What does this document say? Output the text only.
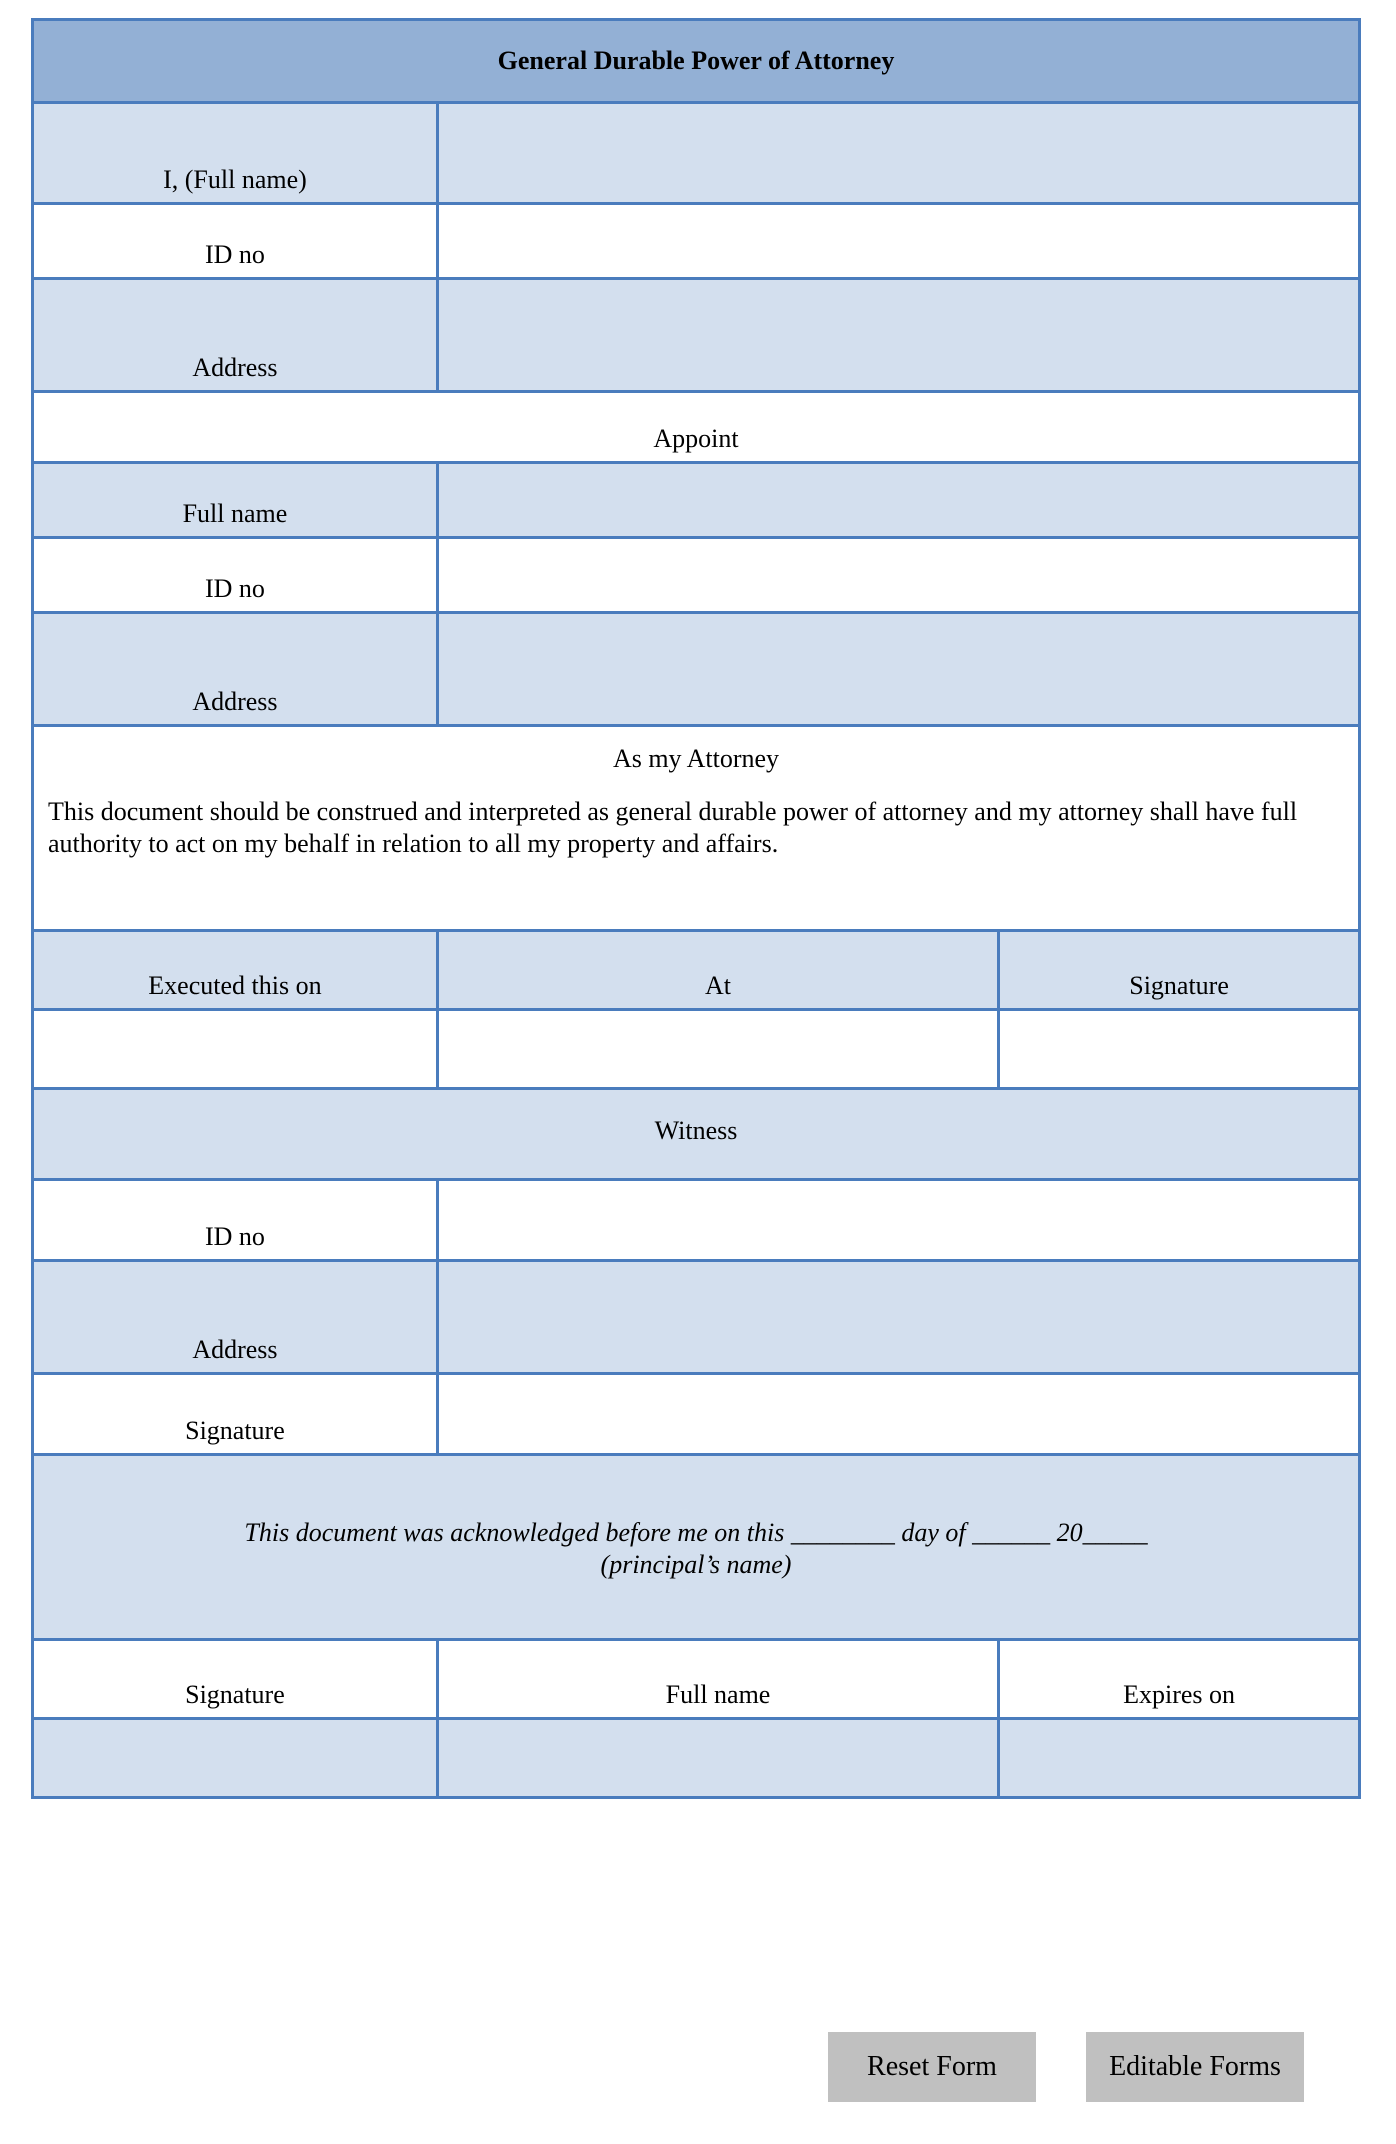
General Durable Power of Attorney		
I, (Full name)		
ID no		
Address		
Appoint		
Full name		
ID no		
Address		

As my Attorney
This document should be construed and interpreted as general durable power of attorney and my attorney shall have full authority to act on my behalf in relation to all my property and affairs.		
Executed this on	At	Signature

Witness		
ID no		
Address		
Signature		
This document was acknowledged before me on this ________ day of ______ 20_____
(principal’s name)		

Signature	Full name	Expires on

Reset Form	Editable Forms
